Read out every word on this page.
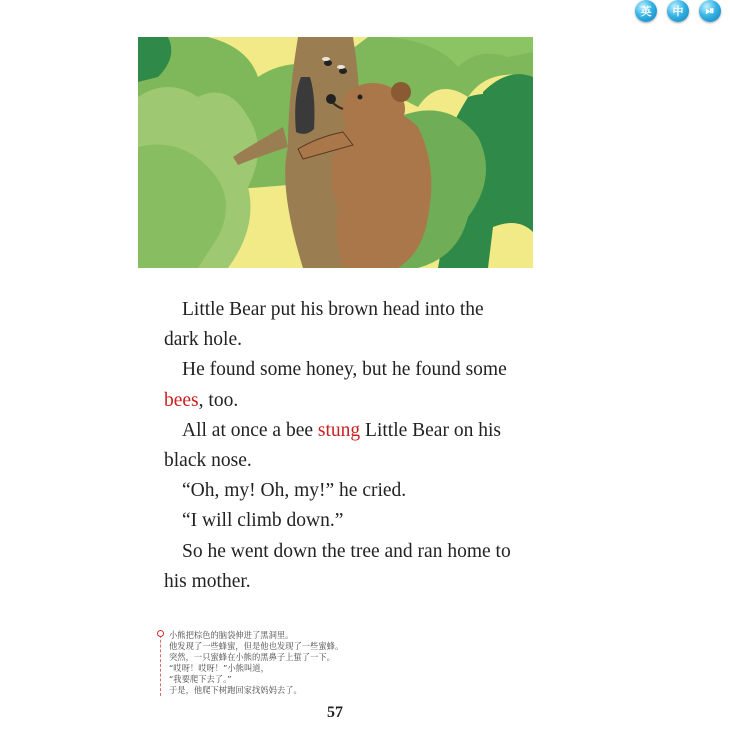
英	中	⏯

Little Bear put his brown head into the dark hole.

He found some honey, but he found some bees, too.

All at once a bee stung Little Bear on his black nose.

“Oh, my! Oh, my!” he cried.

“I will climb down.”

So he went down the tree and ran home to his mother.

小熊把棕色的脑袋伸进了黑洞里。
他发现了一些蜂蜜，但是他也发现了一些蜜蜂。
突然，一只蜜蜂在小熊的黑鼻子上蜇了一下。
“哎呀！哎呀！”小熊叫道，
“我要爬下去了。”
于是，他爬下树跑回家找妈妈去了。
57
